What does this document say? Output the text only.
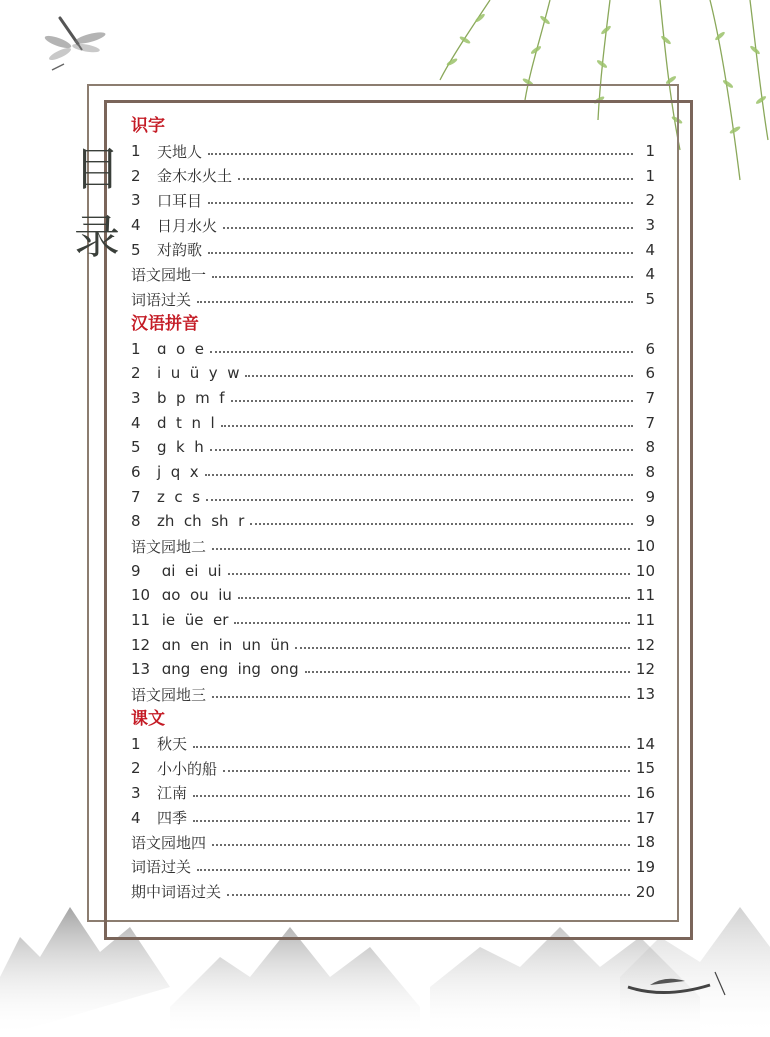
目
录
识字
1	天地人	1
2	金木水火土	1
3	口耳目	2
4	日月水火	3
5	对韵歌	4
语文园地一	4
词语过关	5
汉语拼音
1	ɑ  o  e	6
2	i  u  ü  y  w	6
3	b  p  m  f	7
4	d  t  n  l	7
5	g  k  h	8
6	j  q  x	8
7	z  c  s	9
8	zh  ch  sh  r	9
语文园地二	10
9	ɑi  ei  ui	10
10 ɑo  ou  iu	11
11 ie  üe  er	11
12 ɑn  en  in  un  ün	12
13 ɑng  eng  ing  ong	12
语文园地三	13
课文
1	秋天	14
2	小小的船	15
3	江南	16
4	四季	17
语文园地四	18
词语过关	19
期中词语过关	20
